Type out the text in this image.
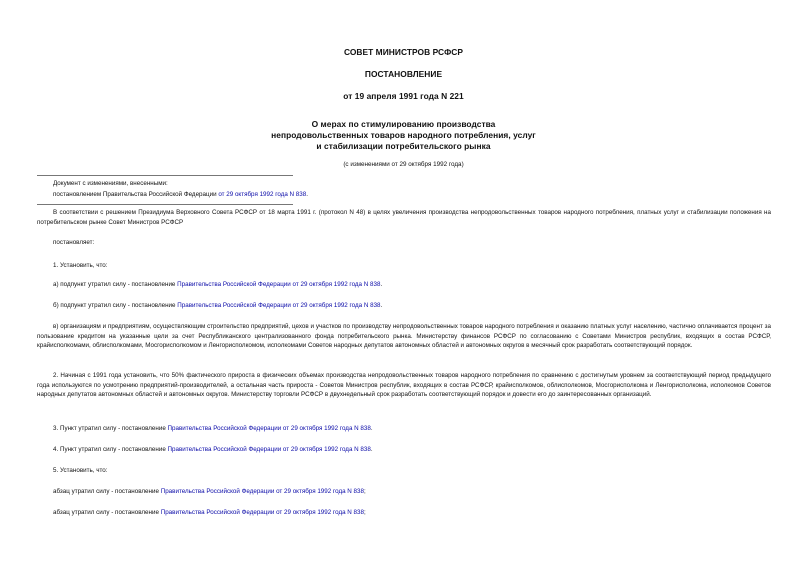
СОВЕТ МИНИСТРОВ РСФСР
ПОСТАНОВЛЕНИЕ
от 19 апреля 1991 года N 221
О мерах по стимулированию производства
непродовольственных товаров народного потребления, услуг
и стабилизации потребительского рынка
(с изменениями от 29 октября 1992 года)

Документ с изменениями, внесенными:

постановлением Правительства Российской Федерации от 29 октября 1992 года N 838.

В соответствии с решением Президиума Верховного Совета РСФСР от 18 марта 1991 г. (протокол N 48) в целях увеличения производства непродовольственных товаров народного потребления, платных услуг и стабилизации положения на потребительском рынке Совет Министров РСФСР

постановляет:

1. Установить, что:

а) подпункт утратил силу - постановление Правительства Российской Федерации от 29 октября 1992 года N 838.

б) подпункт утратил силу - постановление Правительства Российской Федерации от 29 октября 1992 года N 838.

в) организациям и предприятиям, осуществляющим строительство предприятий, цехов и участков по производству непродовольственных товаров народного потребления и оказанию платных услуг населению, частично оплачивается процент за пользование кредитом на указанные цели за счет Республиканского централизованного фонда потребительского рынка. Министерству финансов РСФСР по согласованию с Советами Министров республик, входящих в состав РСФСР, крайисполкомами, облисполкомами, Мосгорисполкомом и Ленгорисполкомом, исполкомами Советов народных депутатов автономных областей и автономных округов в месячный срок разработать соответствующий порядок.

2. Начиная с 1991 года установить, что 50% фактического прироста в физических объемах производства непродовольственных товаров народного потребления по сравнению с достигнутым уровнем за соответствующий период предыдущего года используются по усмотрению предприятий-производителей, а остальная часть прироста - Советов Министров республик, входящих в состав РСФСР, крайисполкомов, облисполкомов, Мосгорисполкома и Ленгорисполкома, исполкомов Советов народных депутатов автономных областей и автономных округов. Министерству торговли РСФСР в двухнедельный срок разработать соответствующий порядок и довести его до заинтересованных организаций.

3. Пункт утратил силу - постановление Правительства Российской Федерации от 29 октября 1992 года N 838.

4. Пункт утратил силу - постановление Правительства Российской Федерации от 29 октября 1992 года N 838.

5. Установить, что:

абзац утратил силу - постановление Правительства Российской Федерации от 29 октября 1992 года N 838;

абзац утратил силу - постановление Правительства Российской Федерации от 29 октября 1992 года N 838;
